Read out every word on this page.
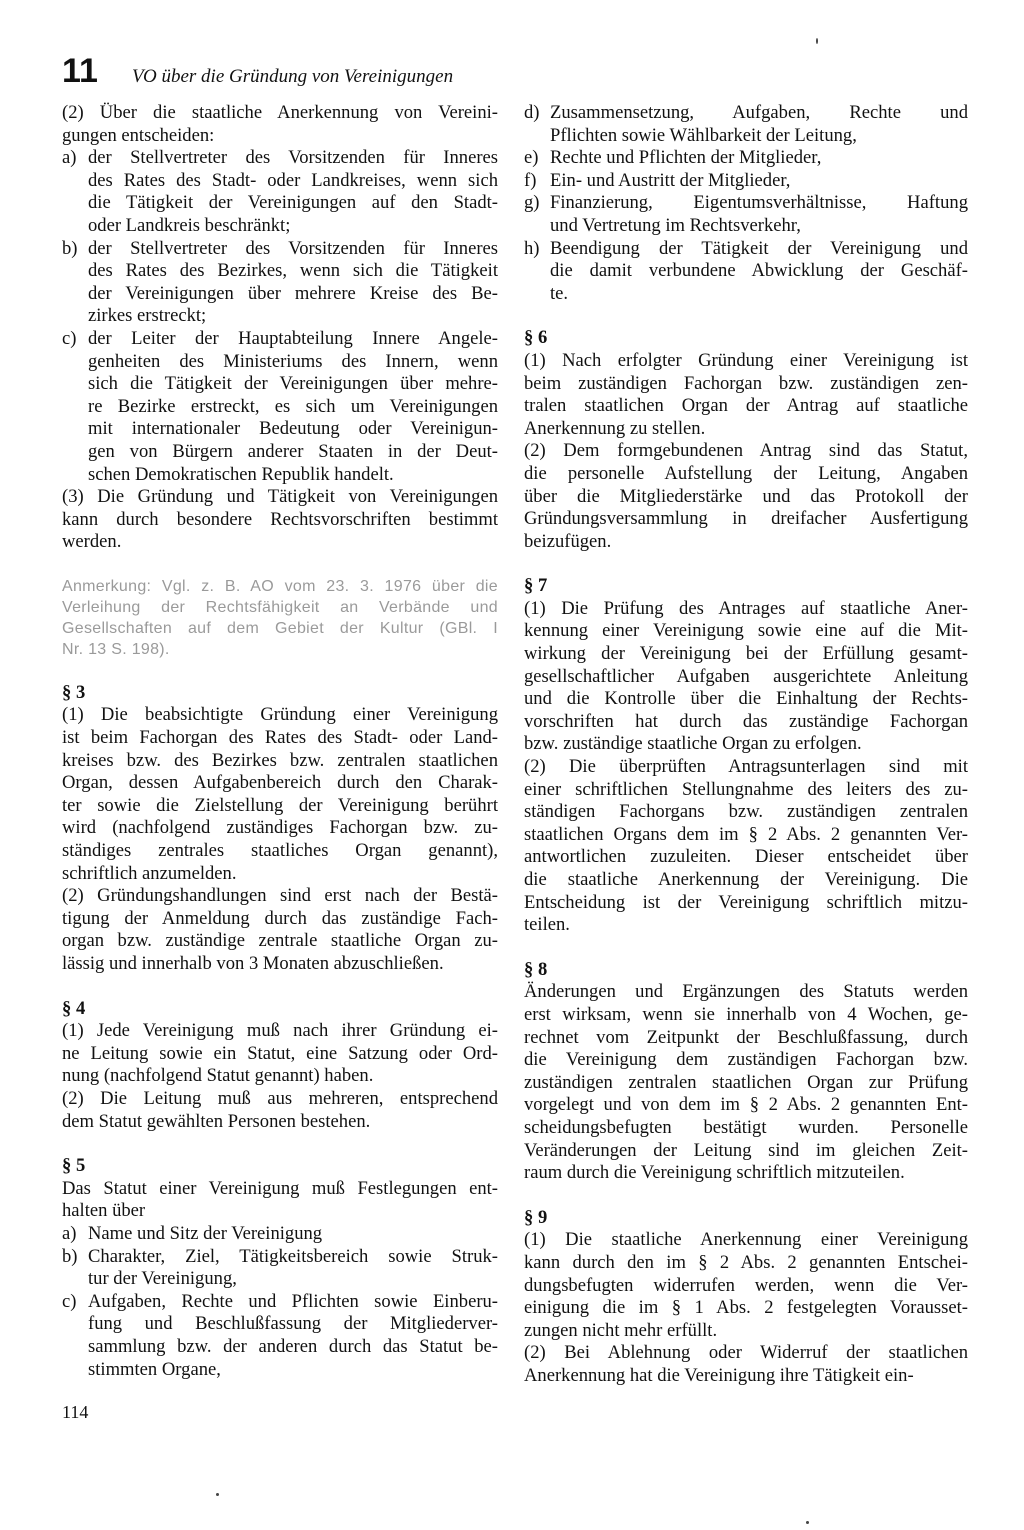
11 VO über die Gründung von Vereinigungen
(2) Über die staatliche Anerkennung von Vereini-
gungen entscheiden:
a) der Stellvertreter des Vorsitzenden für Inneres
des Rates des Stadt- oder Landkreises, wenn sich
die Tätigkeit der Vereinigungen auf den Stadt-
oder Landkreis beschränkt;
b) der Stellvertreter des Vorsitzenden für Inneres
des Rates des Bezirkes, wenn sich die Tätigkeit
der Vereinigungen über mehrere Kreise des Be-
zirkes erstreckt;
c) der Leiter der Hauptabteilung Innere Angele-
genheiten des Ministeriums des Innern, wenn
sich die Tätigkeit der Vereinigungen über mehre-
re Bezirke erstreckt, es sich um Vereinigungen
mit internationaler Bedeutung oder Vereinigun-
gen von Bürgern anderer Staaten in der Deut-
schen Demokratischen Republik handelt.
(3) Die Gründung und Tätigkeit von Vereinigungen
kann durch besondere Rechtsvorschriften bestimmt
werden.
Anmerkung: Vgl. z. B. AO vom 23. 3. 1976 über die
Verleihung der Rechtsfähigkeit an Verbände und
Gesellschaften auf dem Gebiet der Kultur (GBl. I
Nr. 13 S. 198).
§ 3
(1) Die beabsichtigte Gründung einer Vereinigung
ist beim Fachorgan des Rates des Stadt- oder Land-
kreises bzw. des Bezirkes bzw. zentralen staatlichen
Organ, dessen Aufgabenbereich durch den Charak-
ter sowie die Zielstellung der Vereinigung berührt
wird (nachfolgend zuständiges Fachorgan bzw. zu-
ständiges zentrales staatliches Organ genannt),
schriftlich anzumelden.
(2) Gründungshandlungen sind erst nach der Bestä-
tigung der Anmeldung durch das zuständige Fach-
organ bzw. zuständige zentrale staatliche Organ zu-
lässig und innerhalb von 3 Monaten abzuschließen.
§ 4
(1) Jede Vereinigung muß nach ihrer Gründung ei-
ne Leitung sowie ein Statut, eine Satzung oder Ord-
nung (nachfolgend Statut genannt) haben.
(2) Die Leitung muß aus mehreren, entsprechend
dem Statut gewählten Personen bestehen.
§ 5
Das Statut einer Vereinigung muß Festlegungen ent-
halten über
a) Name und Sitz der Vereinigung
b) Charakter, Ziel, Tätigkeitsbereich sowie Struk-
tur der Vereinigung,
c) Aufgaben, Rechte und Pflichten sowie Einberu-
fung und Beschlußfassung der Mitgliederver-
sammlung bzw. der anderen durch das Statut be-
stimmten Organe,
d) Zusammensetzung, Aufgaben, Rechte und
Pflichten sowie Wählbarkeit der Leitung,
e) Rechte und Pflichten der Mitglieder,
f) Ein- und Austritt der Mitglieder,
g) Finanzierung, Eigentumsverhältnisse, Haftung
und Vertretung im Rechtsverkehr,
h) Beendigung der Tätigkeit der Vereinigung und
die damit verbundene Abwicklung der Geschäf-
te.
§ 6
(1) Nach erfolgter Gründung einer Vereinigung ist
beim zuständigen Fachorgan bzw. zuständigen zen-
tralen staatlichen Organ der Antrag auf staatliche
Anerkennung zu stellen.
(2) Dem formgebundenen Antrag sind das Statut,
die personelle Aufstellung der Leitung, Angaben
über die Mitgliederstärke und das Protokoll der
Gründungsversammlung in dreifacher Ausfertigung
beizufügen.
§ 7
(1) Die Prüfung des Antrages auf staatliche Aner-
kennung einer Vereinigung sowie eine auf die Mit-
wirkung der Vereinigung bei der Erfüllung gesamt-
gesellschaftlicher Aufgaben ausgerichtete Anleitung
und die Kontrolle über die Einhaltung der Rechts-
vorschriften hat durch das zuständige Fachorgan
bzw. zuständige staatliche Organ zu erfolgen.
(2) Die überprüften Antragsunterlagen sind mit
einer schriftlichen Stellungnahme des leiters des zu-
ständigen Fachorgans bzw. zuständigen zentralen
staatlichen Organs dem im § 2 Abs. 2 genannten Ver-
antwortlichen zuzuleiten. Dieser entscheidet über
die staatliche Anerkennung der Vereinigung. Die
Entscheidung ist der Vereinigung schriftlich mitzu-
teilen.
§ 8
Änderungen und Ergänzungen des Statuts werden
erst wirksam, wenn sie innerhalb von 4 Wochen, ge-
rechnet vom Zeitpunkt der Beschlußfassung, durch
die Vereinigung dem zuständigen Fachorgan bzw.
zuständigen zentralen staatlichen Organ zur Prüfung
vorgelegt und von dem im § 2 Abs. 2 genannten Ent-
scheidungsbefugten bestätigt wurden. Personelle
Veränderungen der Leitung sind im gleichen Zeit-
raum durch die Vereinigung schriftlich mitzuteilen.
§ 9
(1) Die staatliche Anerkennung einer Vereinigung
kann durch den im § 2 Abs. 2 genannten Entschei-
dungsbefugten widerrufen werden, wenn die Ver-
einigung die im § 1 Abs. 2 festgelegten Vorausset-
zungen nicht mehr erfüllt.
(2) Bei Ablehnung oder Widerruf der staatlichen
Anerkennung hat die Vereinigung ihre Tätigkeit ein-
114
